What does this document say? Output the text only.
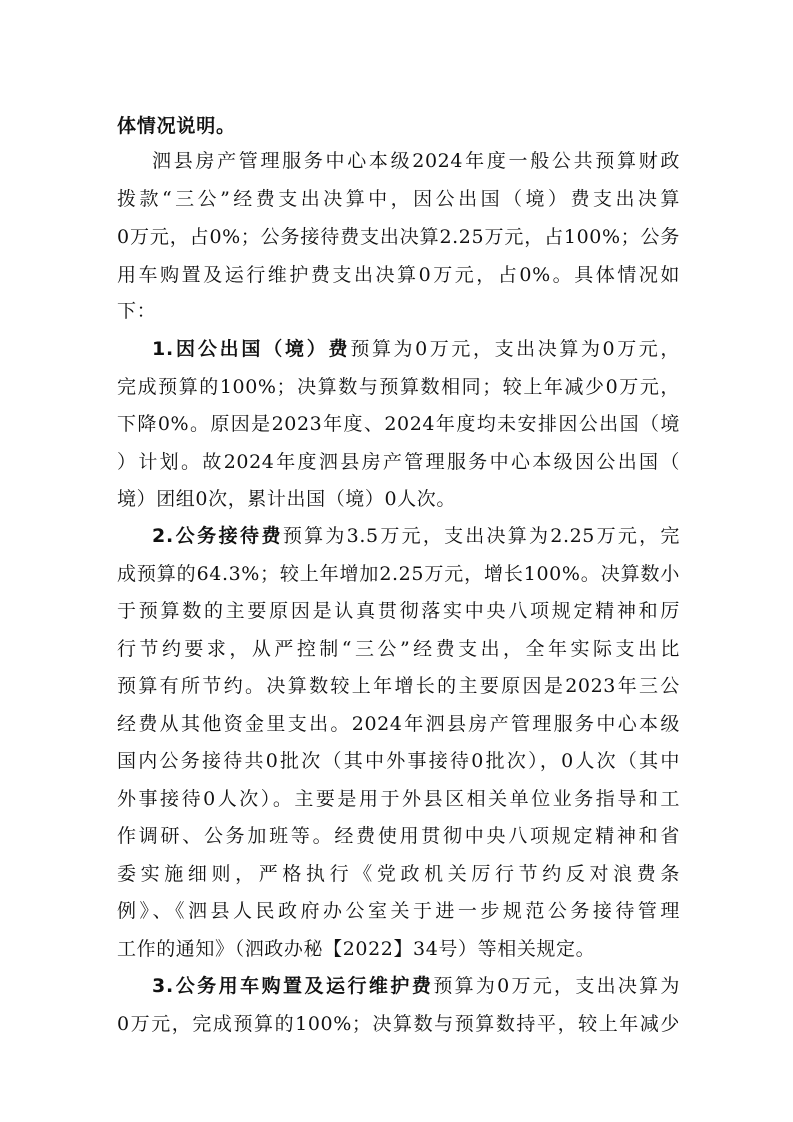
体情况说明。
泗县房产管理服务中心本级2024年度一般公共预算财政
拨款“三公”经费支出决算中，因公出国（境）费支出决算
0万元，占0%；公务接待费支出决算2.25万元，占100%；公务
用车购置及运行维护费支出决算0万元，占0%。具体情况如
下：
1.因公出国（境）费预算为0万元，支出决算为0万元，
完成预算的100%；决算数与预算数相同；较上年减少0万元，
下降0%。原因是2023年度、2024年度均未安排因公出国（境
）计划。故2024年度泗县房产管理服务中心本级因公出国（
境）团组0次，累计出国（境）0人次。
2.公务接待费预算为3.5万元，支出决算为2.25万元，完
成预算的64.3%；较上年增加2.25万元，增长100%。决算数小
于预算数的主要原因是认真贯彻落实中央八项规定精神和厉
行节约要求，从严控制“三公”经费支出，全年实际支出比
预算有所节约。决算数较上年增长的主要原因是2023年三公
经费从其他资金里支出。2024年泗县房产管理服务中心本级
国内公务接待共0批次（其中外事接待0批次），0人次（其中
外事接待0人次）。主要是用于外县区相关单位业务指导和工
作调研、公务加班等。经费使用贯彻中央八项规定精神和省
委实施细则，严格执行《党政机关厉行节约反对浪费条
例》、《泗县人民政府办公室关于进一步规范公务接待管理
工作的通知》（泗政办秘【2022】34号）等相关规定。
3.公务用车购置及运行维护费预算为0万元，支出决算为
0万元，完成预算的100%；决算数与预算数持平，较上年减少
